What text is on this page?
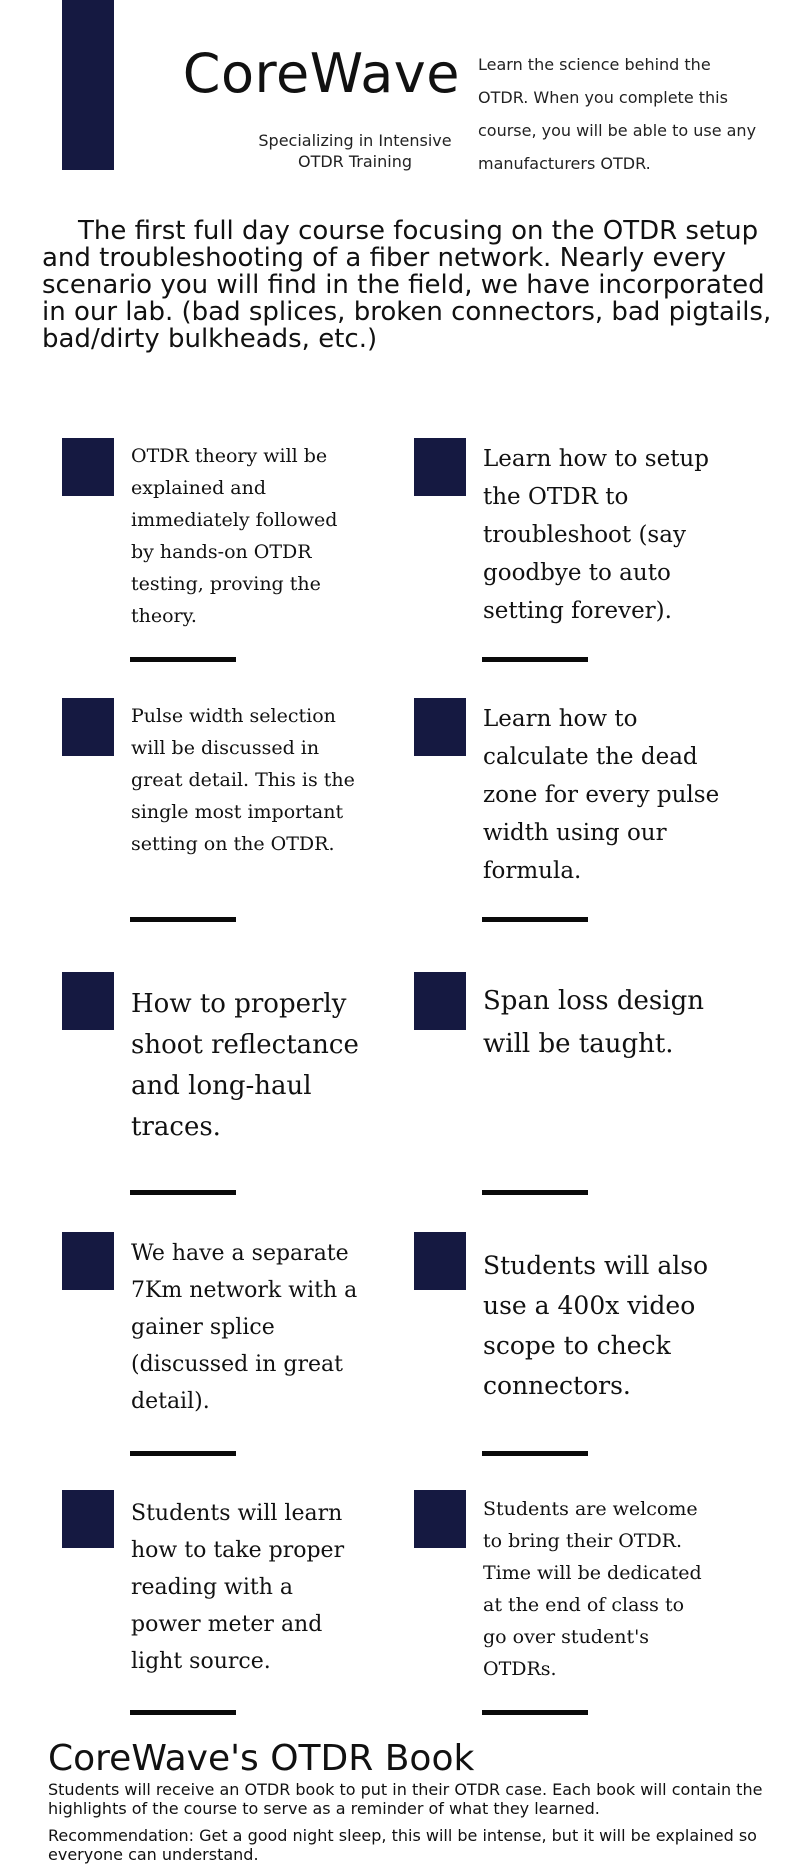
CoreWave
Specializing in Intensive
OTDR Training
Learn the science behind the OTDR. When you complete this course, you will be able to use any manufacturers OTDR.
The first full day course focusing on the OTDR setup and troubleshooting of a fiber network. Nearly every scenario you will find in the field, we have incorporated in our lab. (bad splices, broken connectors, bad pigtails, bad/dirty bulkheads, etc.)
OTDR theory will be explained and immediately followed by hands-on OTDR testing, proving the theory.
Learn how to setup the OTDR to troubleshoot (say goodbye to auto setting forever).
Pulse width selection will be discussed in great detail. This is the single most important setting on the OTDR.
Learn how to calculate the dead zone for every pulse width using our formula.
How to properly shoot reflectance and long-haul traces.
Span loss design will be taught.
We have a separate 7Km network with a gainer splice (discussed in great detail).
Students will also use a 400x video scope to check connectors.
Students will learn how to take proper reading with a power meter and light source.
Students are welcome to bring their OTDR. Time will be dedicated at the end of class to go over student's OTDRs.
CoreWave's OTDR Book
Students will receive an OTDR book to put in their OTDR case. Each book will contain the highlights of the course to serve as a reminder of what they learned.
Recommendation: Get a good night sleep, this will be intense, but it will be explained so everyone can understand.
